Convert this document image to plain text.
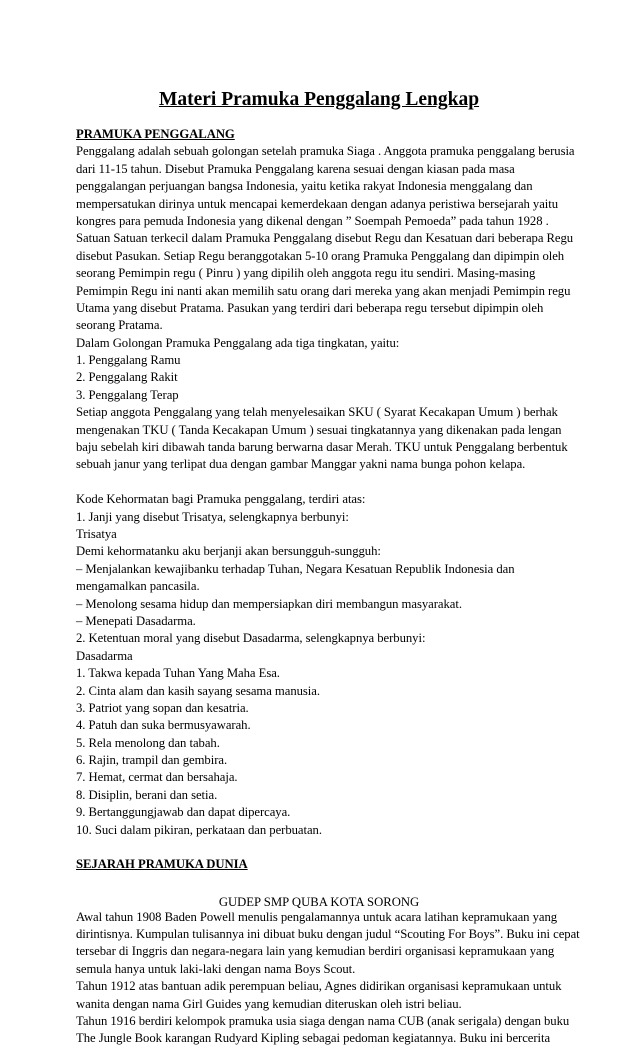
Materi Pramuka Penggalang Lengkap
PRAMUKA PENGGALANG
Penggalang adalah sebuah golongan setelah pramuka Siaga . Anggota pramuka penggalang berusia
dari 11-15 tahun. Disebut Pramuka Penggalang karena sesuai dengan kiasan pada masa
penggalangan perjuangan bangsa Indonesia, yaitu ketika rakyat Indonesia menggalang dan
mempersatukan dirinya untuk mencapai kemerdekaan dengan adanya peristiwa bersejarah yaitu
kongres para pemuda Indonesia yang dikenal dengan ” Soempah Pemoeda” pada tahun 1928 .
Satuan Satuan terkecil dalam Pramuka Penggalang disebut Regu dan Kesatuan dari beberapa Regu
disebut Pasukan. Setiap Regu beranggotakan 5-10 orang Pramuka Penggalang dan dipimpin oleh
seorang Pemimpin regu ( Pinru ) yang dipilih oleh anggota regu itu sendiri. Masing-masing
Pemimpin Regu ini nanti akan memilih satu orang dari mereka yang akan menjadi Pemimpin regu
Utama yang disebut Pratama. Pasukan yang terdiri dari beberapa regu tersebut dipimpin oleh
seorang Pratama.
Dalam Golongan Pramuka Penggalang ada tiga tingkatan, yaitu:
1. Penggalang Ramu
2. Penggalang Rakit
3. Penggalang Terap
Setiap anggota Penggalang yang telah menyelesaikan SKU ( Syarat Kecakapan Umum ) berhak
mengenakan TKU ( Tanda Kecakapan Umum ) sesuai tingkatannya yang dikenakan pada lengan
baju sebelah kiri dibawah tanda barung berwarna dasar Merah. TKU untuk Penggalang berbentuk
sebuah janur yang terlipat dua dengan gambar Manggar yakni nama bunga pohon kelapa.
Kode Kehormatan bagi Pramuka penggalang, terdiri atas:
1. Janji yang disebut Trisatya, selengkapnya berbunyi:
Trisatya
Demi kehormatanku aku berjanji akan bersungguh-sungguh:
– Menjalankan kewajibanku terhadap Tuhan, Negara Kesatuan Republik Indonesia dan
mengamalkan pancasila.
– Menolong sesama hidup dan mempersiapkan diri membangun masyarakat.
– Menepati Dasadarma.
2. Ketentuan moral yang disebut Dasadarma, selengkapnya berbunyi:
Dasadarma
1. Takwa kepada Tuhan Yang Maha Esa.
2. Cinta alam dan kasih sayang sesama manusia.
3. Patriot yang sopan dan kesatria.
4. Patuh dan suka bermusyawarah.
5. Rela menolong dan tabah.
6. Rajin, trampil dan gembira.
7. Hemat, cermat dan bersahaja.
8. Disiplin, berani dan setia.
9. Bertanggungjawab dan dapat dipercaya.
10. Suci dalam pikiran, perkataan dan perbuatan.
SEJARAH PRAMUKA DUNIA
Awal tahun 1908 Baden Powell menulis pengalamannya untuk acara latihan kepramukaan yang
dirintisnya. Kumpulan tulisannya ini dibuat buku dengan judul “Scouting For Boys”. Buku ini cepat
tersebar di Inggris dan negara-negara lain yang kemudian berdiri organisasi kepramukaan yang
semula hanya untuk laki-laki dengan nama Boys Scout.
Tahun 1912 atas bantuan adik perempuan beliau, Agnes didirikan organisasi kepramukaan untuk
wanita dengan nama Girl Guides yang kemudian diteruskan oleh istri beliau.
Tahun 1916 berdiri kelompok pramuka usia siaga dengan nama CUB (anak serigala) dengan buku
The Jungle Book karangan Rudyard Kipling sebagai pedoman kegiatannya. Buku ini bercerita
GUDEP SMP QUBA KOTA SORONG
